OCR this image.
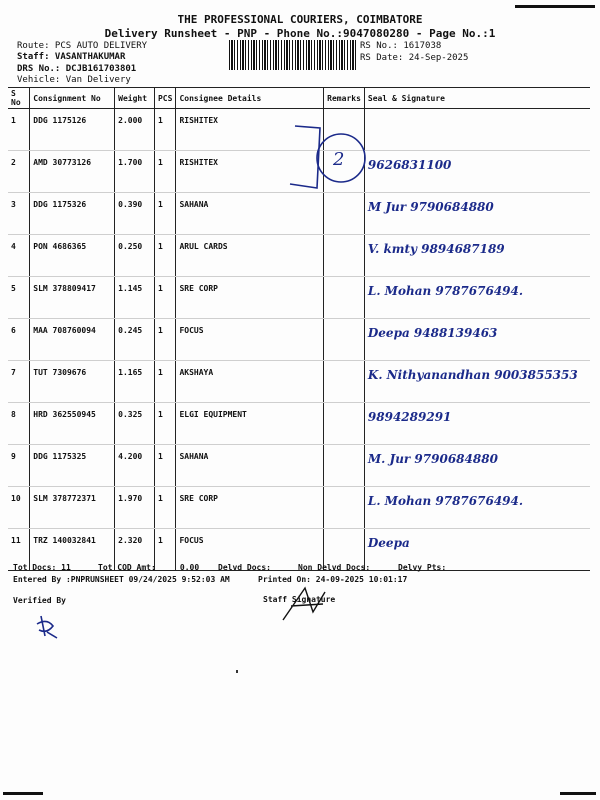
THE PROFESSIONAL COURIERS, COIMBATORE
Delivery Runsheet - PNP - Phone No.:9047080280 - Page No.:1
Route: PCS AUTO DELIVERY
Staff: VASANTHAKUMAR
DRS No.: DCJB161703801
Vehicle: Van Delivery
RS No.: 1617038
RS Date: 24-Sep-2025
S No	Consignment No	Weight	PCS	Consignee Details	Remarks	Seal & Signature
1	DDG 1175126	2.000	1	RISHITEX		
2	AMD 30773126	1.700	1	RISHITEX		9626831100
3	DDG 1175326	0.390	1	SAHANA		M Jur 9790684880
4	PON 4686365	0.250	1	ARUL CARDS		V. kmty 9894687189
5	SLM 378809417	1.145	1	SRE CORP		L. Mohan 9787676494.
6	MAA 708760094	0.245	1	FOCUS		Deepa 9488139463
7	TUT 7309676	1.165	1	AKSHAYA		K. Nithyanandhan 9003855353
8	HRD 362550945	0.325	1	ELGI EQUIPMENT		9894289291
9	DDG 1175325	4.200	1	SAHANA		M. Jur 9790684880
10	SLM 378772371	1.970	1	SRE CORP		L. Mohan 9787676494.
11	TRZ 140032841	2.320	1	FOCUS		Deepa
2
Tot Docs: 11	Tot COD Amt:     0.00 Delvd Docs:	Non Delvd Docs:	Delvy Pts:
Entered By :PNPRUNSHEET 09/24/2025 9:52:03 AM	Printed On: 24-09-2025 10:01:17
Verified By	Staff Signature
